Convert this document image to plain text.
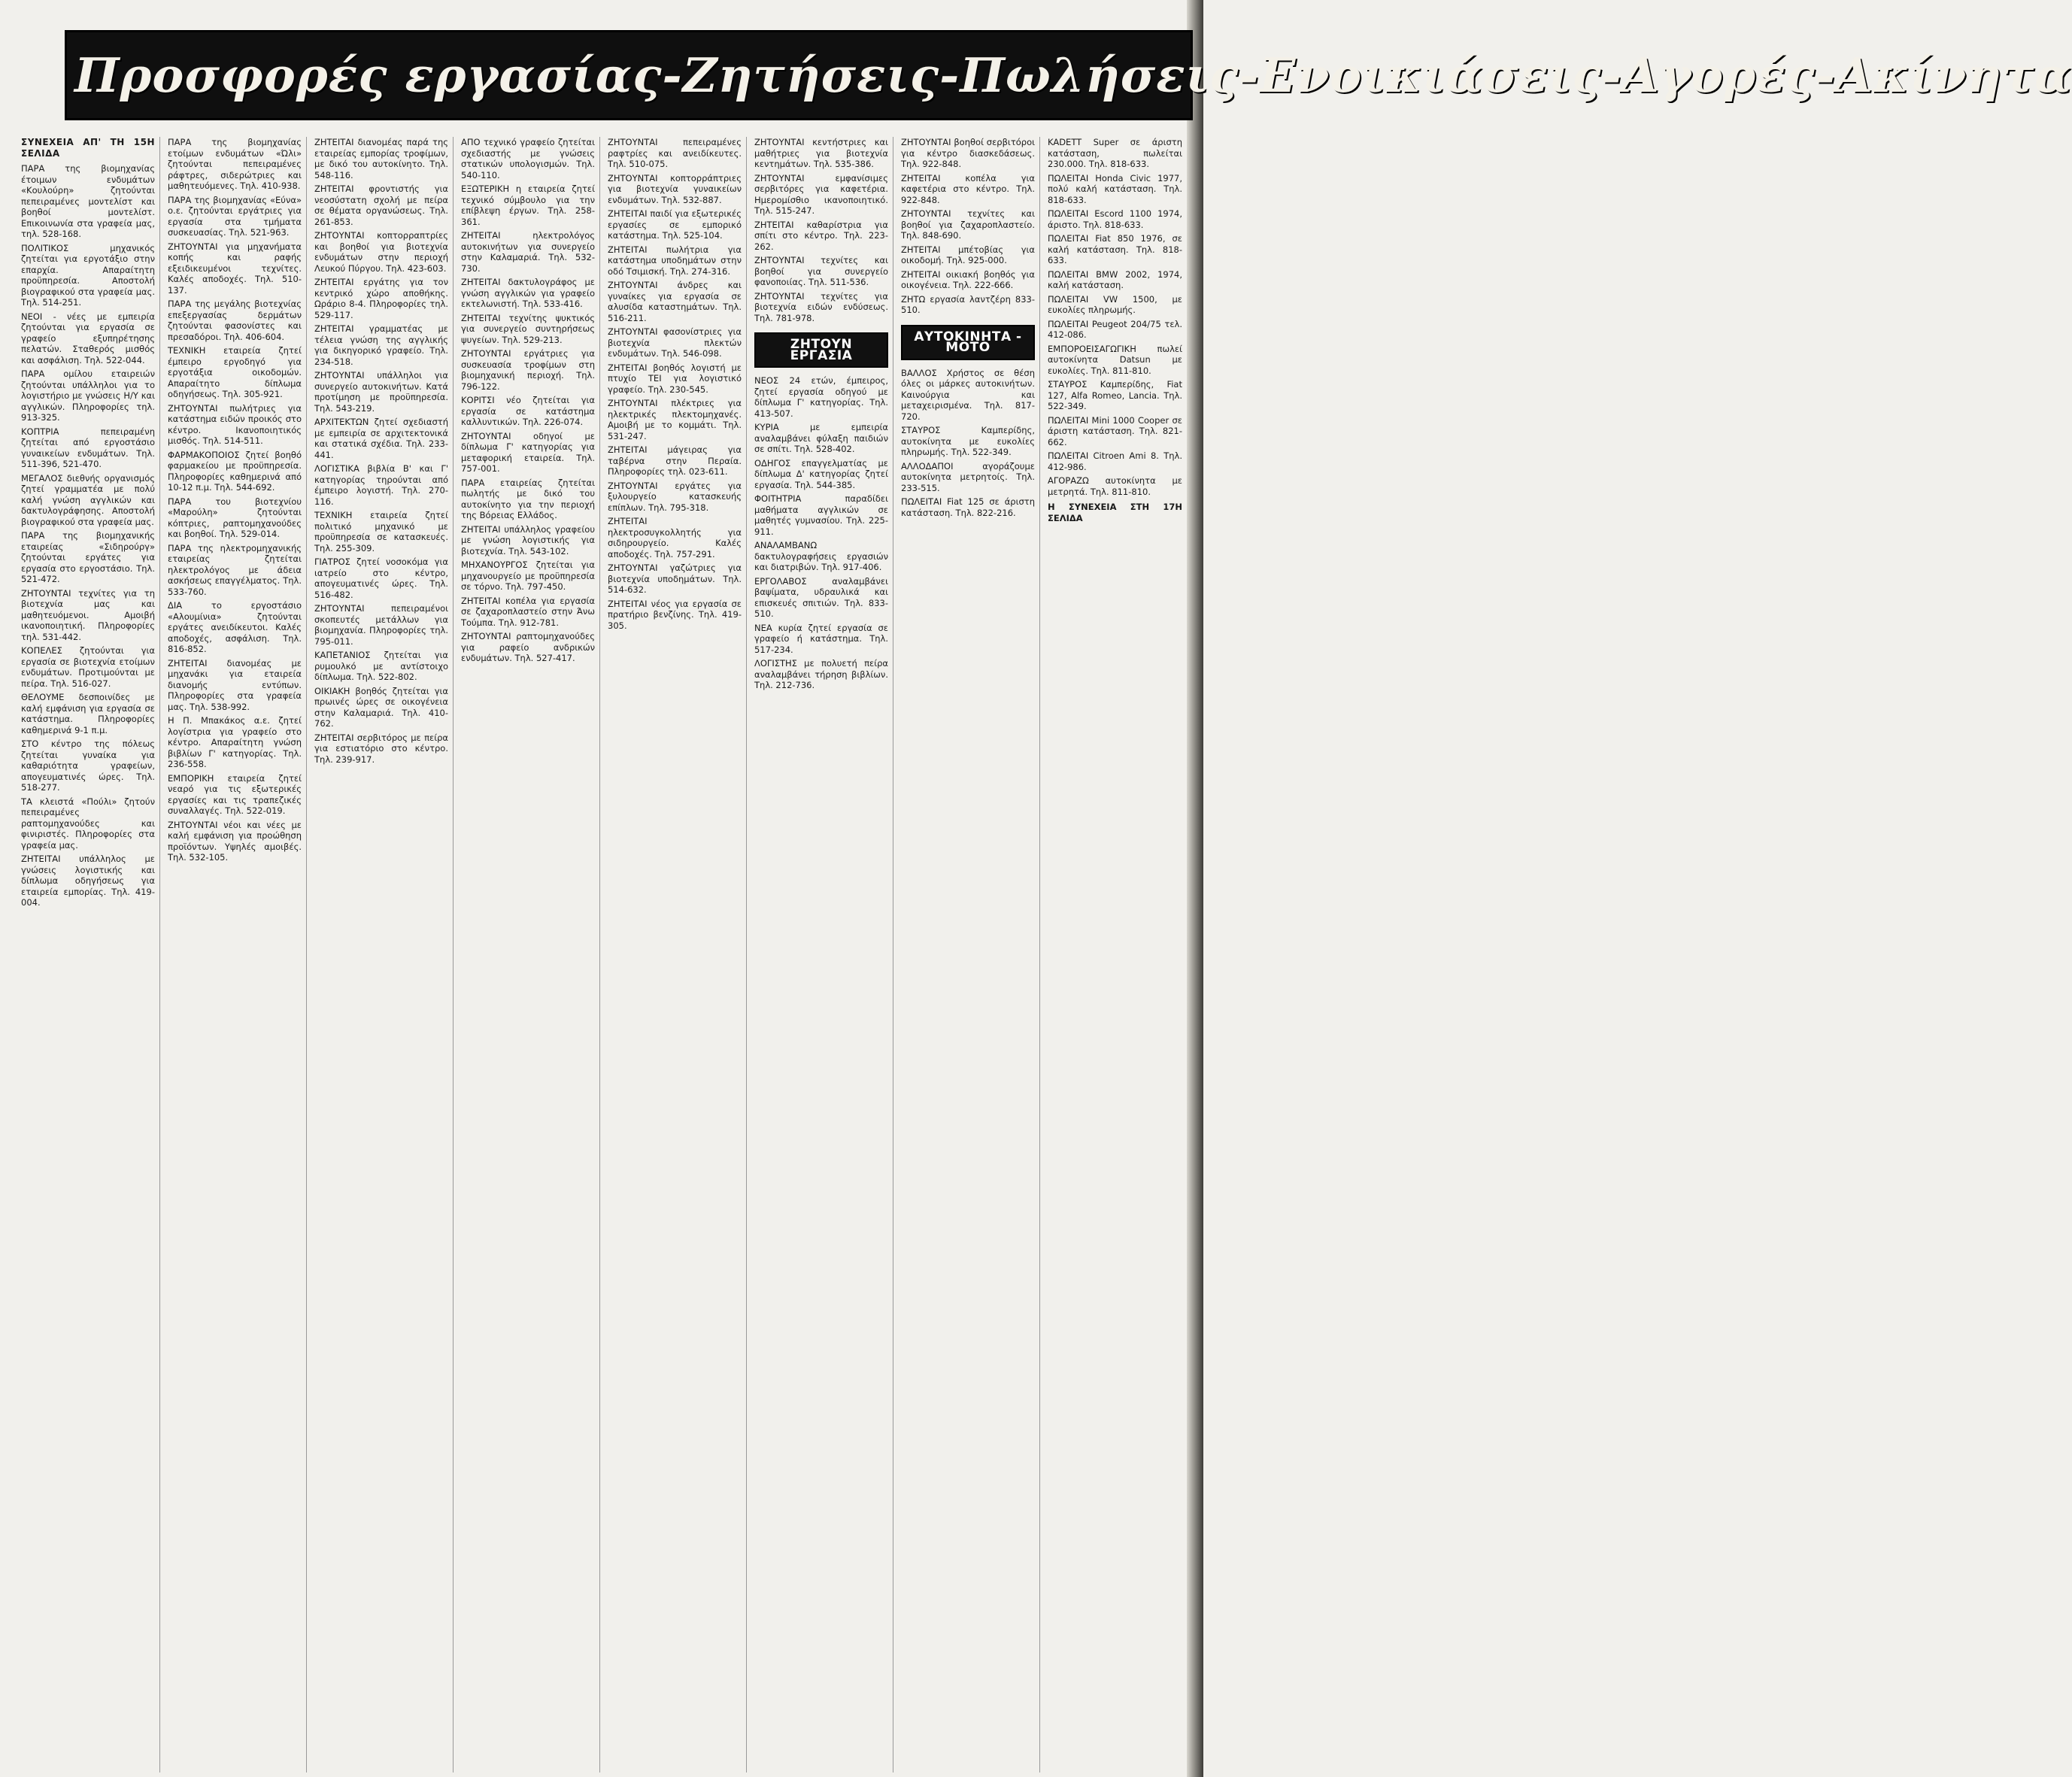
Προσφορές εργασίας-Ζητήσεις-Πωλήσεις-Ενοικιάσεις-Αγορές-Ακίνητα
ΣΥΝΕΧΕΙΑ ΑΠ' ΤΗ 15Η ΣΕΛΙΔΑ

ΠΑΡΑ της βιομηχανίας έτοιμων ενδυμάτων «Κουλούρη» ζητούνται πεπειραμένες μοντελίστ και βοηθοί μοντελίστ. Επικοινωνία στα γραφεία μας, τηλ. 528-168.

ΠΟΛΙΤΙΚΟΣ μηχανικός ζητείται για εργοτάξιο στην επαρχία. Απαραίτητη προϋπηρεσία. Αποστολή βιογραφικού στα γραφεία μας. Τηλ. 514-251.

ΝΕΟΙ - νέες με εμπειρία ζητούνται για εργασία σε γραφείο εξυπηρέτησης πελατών. Σταθερός μισθός και ασφάλιση. Τηλ. 522-044.

ΠΑΡΑ ομίλου εταιρειών ζητούνται υπάλληλοι για το λογιστήριο με γνώσεις Η/Υ και αγγλικών. Πληροφορίες τηλ. 913-325.

ΚΟΠΤΡΙΑ πεπειραμένη ζητείται από εργοστάσιο γυναικείων ενδυμάτων. Τηλ. 511-396, 521-470.

ΜΕΓΑΛΟΣ διεθνής οργανισμός ζητεί γραμματέα με πολύ καλή γνώση αγγλικών και δακτυλογράφησης. Αποστολή βιογραφικού στα γραφεία μας.

ΠΑΡΑ της βιομηχανικής εταιρείας «Σιδηρούργ» ζητούνται εργάτες για εργασία στο εργοστάσιο. Τηλ. 521-472.

ΖΗΤΟΥΝΤΑΙ τεχνίτες για τη βιοτεχνία μας και μαθητευόμενοι. Αμοιβή ικανοποιητική. Πληροφορίες τηλ. 531-442.

ΚΟΠΕΛΕΣ ζητούνται για εργασία σε βιοτεχνία ετοίμων ενδυμάτων. Προτιμούνται με πείρα. Τηλ. 516-027.

ΘΕΛΟΥΜΕ δεσποινίδες με καλή εμφάνιση για εργασία σε κατάστημα. Πληροφορίες καθημερινά 9-1 π.μ.

ΣΤΟ κέντρο της πόλεως ζητείται γυναίκα για καθαριότητα γραφείων, απογευματινές ώρες. Τηλ. 518-277.

ΤΑ κλειστά «Πούλι» ζητούν πεπειραμένες ραπτομηχανούδες και φινιριστές. Πληροφορίες στα γραφεία μας.

ΖΗΤΕΙΤΑΙ υπάλληλος με γνώσεις λογιστικής και δίπλωμα οδηγήσεως για εταιρεία εμπορίας. Τηλ. 419-004.

ΠΑΡΑ της βιομηχανίας ετοίμων ενδυμάτων «Ώλι» ζητούνται πεπειραμένες ράφτρες, σιδερώτριες και μαθητευόμενες. Τηλ. 410-938.

ΠΑΡΑ της βιομηχανίας «Εύνα» ο.ε. ζητούνται εργάτριες για εργασία στα τμήματα συσκευασίας. Τηλ. 521-963.

ΖΗΤΟΥΝΤΑΙ για μηχανήματα κοπής και ραφής εξειδικευμένοι τεχνίτες. Καλές αποδοχές. Τηλ. 510-137.

ΠΑΡΑ της μεγάλης βιοτεχνίας επεξεργασίας δερμάτων ζητούνται φασονίστες και πρεσαδόροι. Τηλ. 406-604.

ΤΕΧΝΙΚΗ εταιρεία ζητεί έμπειρο εργοδηγό για εργοτάξια οικοδομών. Απαραίτητο δίπλωμα οδηγήσεως. Τηλ. 305-921.

ΖΗΤΟΥΝΤΑΙ πωλήτριες για κατάστημα ειδών προικός στο κέντρο. Ικανοποιητικός μισθός. Τηλ. 514-511.

ΦΑΡΜΑΚΟΠΟΙΟΣ ζητεί βοηθό φαρμακείου με προϋπηρεσία. Πληροφορίες καθημερινά από 10-12 π.μ. Τηλ. 544-692.

ΠΑΡΑ του βιοτεχνίου «Μαρούλη» ζητούνται κόπτριες, ραπτομηχανούδες και βοηθοί. Τηλ. 529-014.

ΠΑΡΑ της ηλεκτρομηχανικής εταιρείας ζητείται ηλεκτρολόγος με άδεια ασκήσεως επαγγέλματος. Τηλ. 533-760.

ΔΙΑ το εργοστάσιο «Αλουμίνια» ζητούνται εργάτες ανειδίκευτοι. Καλές αποδοχές, ασφάλιση. Τηλ. 816-852.

ΖΗΤΕΙΤΑΙ διανομέας με μηχανάκι για εταιρεία διανομής εντύπων. Πληροφορίες στα γραφεία μας. Τηλ. 538-992.

Η Π. Μπακάκος α.ε. ζητεί λογίστρια για γραφείο στο κέντρο. Απαραίτητη γνώση βιβλίων Γ' κατηγορίας. Τηλ. 236-558.

ΕΜΠΟΡΙΚΗ εταιρεία ζητεί νεαρό για τις εξωτερικές εργασίες και τις τραπεζικές συναλλαγές. Τηλ. 522-019.

ΖΗΤΟΥΝΤΑΙ νέοι και νέες με καλή εμφάνιση για προώθηση προϊόντων. Υψηλές αμοιβές. Τηλ. 532-105.

ΖΗΤΕΙΤΑΙ διανομέας παρά της εταιρείας εμπορίας τροφίμων, με δικό του αυτοκίνητο. Τηλ. 548-116.

ΖΗΤΕΙΤΑΙ φροντιστής για νεοσύστατη σχολή με πείρα σε θέματα οργανώσεως. Τηλ. 261-853.

ΖΗΤΟΥΝΤΑΙ κοπτορραπτρίες και βοηθοί για βιοτεχνία ενδυμάτων στην περιοχή Λευκού Πύργου. Τηλ. 423-603.

ΖΗΤΕΙΤΑΙ εργάτης για τον κεντρικό χώρο αποθήκης. Ωράριο 8-4. Πληροφορίες τηλ. 529-117.

ΖΗΤΕΙΤΑΙ γραμματέας με τέλεια γνώση της αγγλικής για δικηγορικό γραφείο. Τηλ. 234-518.

ΖΗΤΟΥΝΤΑΙ υπάλληλοι για συνεργείο αυτοκινήτων. Κατά προτίμηση με προϋπηρεσία. Τηλ. 543-219.

ΑΡΧΙΤΕΚΤΩΝ ζητεί σχεδιαστή με εμπειρία σε αρχιτεκτονικά και στατικά σχέδια. Τηλ. 233-441.

ΛΟΓΙΣΤΙΚΑ βιβλία Β' και Γ' κατηγορίας τηρούνται από έμπειρο λογιστή. Τηλ. 270-116.

ΤΕΧΝΙΚΗ εταιρεία ζητεί πολιτικό μηχανικό με προϋπηρεσία σε κατασκευές. Τηλ. 255-309.

ΓΙΑΤΡΟΣ ζητεί νοσοκόμα για ιατρείο στο κέντρο, απογευματινές ώρες. Τηλ. 516-482.

ΖΗΤΟΥΝΤΑΙ πεπειραμένοι σκοπευτές μετάλλων για βιομηχανία. Πληροφορίες τηλ. 795-011.

ΚΑΠΕΤΑΝΙΟΣ ζητείται για ρυμουλκό με αντίστοιχο δίπλωμα. Τηλ. 522-802.

ΟΙΚΙΑΚΗ βοηθός ζητείται για πρωινές ώρες σε οικογένεια στην Καλαμαριά. Τηλ. 410-762.

ΖΗΤΕΙΤΑΙ σερβιτόρος με πείρα για εστιατόριο στο κέντρο. Τηλ. 239-917.

ΑΠΟ τεχνικό γραφείο ζητείται σχεδιαστής με γνώσεις στατικών υπολογισμών. Τηλ. 540-110.

ΕΞΩΤΕΡΙΚΗ η εταιρεία ζητεί τεχνικό σύμβουλο για την επίβλεψη έργων. Τηλ. 258-361.

ΖΗΤΕΙΤΑΙ ηλεκτρολόγος αυτοκινήτων για συνεργείο στην Καλαμαριά. Τηλ. 532-730.

ΖΗΤΕΙΤΑΙ δακτυλογράφος με γνώση αγγλικών για γραφείο εκτελωνιστή. Τηλ. 533-416.

ΖΗΤΕΙΤΑΙ τεχνίτης ψυκτικός για συνεργείο συντηρήσεως ψυγείων. Τηλ. 529-213.

ΖΗΤΟΥΝΤΑΙ εργάτριες για συσκευασία τροφίμων στη βιομηχανική περιοχή. Τηλ. 796-122.

ΚΟΡΙΤΣΙ νέο ζητείται για εργασία σε κατάστημα καλλυντικών. Τηλ. 226-074.

ΖΗΤΟΥΝΤΑΙ οδηγοί με δίπλωμα Γ' κατηγορίας για μεταφορική εταιρεία. Τηλ. 757-001.

ΠΑΡΑ εταιρείας ζητείται πωλητής με δικό του αυτοκίνητο για την περιοχή της Βόρειας Ελλάδος.

ΖΗΤΕΙΤΑΙ υπάλληλος γραφείου με γνώση λογιστικής για βιοτεχνία. Τηλ. 543-102.

ΜΗΧΑΝΟΥΡΓΟΣ ζητείται για μηχανουργείο με προϋπηρεσία σε τόρνο. Τηλ. 797-450.

ΖΗΤΕΙΤΑΙ κοπέλα για εργασία σε ζαχαροπλαστείο στην Άνω Τούμπα. Τηλ. 912-781.

ΖΗΤΟΥΝΤΑΙ ραπτομηχανούδες για ραφείο ανδρικών ενδυμάτων. Τηλ. 527-417.

ΖΗΤΟΥΝΤΑΙ πεπειραμένες ραφτρίες και ανειδίκευτες. Τηλ. 510-075.

ΖΗΤΟΥΝΤΑΙ κοπτορράπτριες για βιοτεχνία γυναικείων ενδυμάτων. Τηλ. 532-887.

ΖΗΤΕΙΤΑΙ παιδί για εξωτερικές εργασίες σε εμπορικό κατάστημα. Τηλ. 525-104.

ΖΗΤΕΙΤΑΙ πωλήτρια για κατάστημα υποδημάτων στην οδό Τσιμισκή. Τηλ. 274-316.

ΖΗΤΟΥΝΤΑΙ άνδρες και γυναίκες για εργασία σε αλυσίδα καταστημάτων. Τηλ. 516-211.

ΖΗΤΟΥΝΤΑΙ φασονίστριες για βιοτεχνία πλεκτών ενδυμάτων. Τηλ. 546-098.

ΖΗΤΕΙΤΑΙ βοηθός λογιστή με πτυχίο ΤΕΙ για λογιστικό γραφείο. Τηλ. 230-545.

ΖΗΤΟΥΝΤΑΙ πλέκτριες για ηλεκτρικές πλεκτομηχανές. Αμοιβή με το κομμάτι. Τηλ. 531-247.

ΖΗΤΕΙΤΑΙ μάγειρας για ταβέρνα στην Περαία. Πληροφορίες τηλ. 023-611.

ΖΗΤΟΥΝΤΑΙ εργάτες για ξυλουργείο κατασκευής επίπλων. Τηλ. 795-318.

ΖΗΤΕΙΤΑΙ ηλεκτροσυγκολλητής για σιδηρουργείο. Καλές αποδοχές. Τηλ. 757-291.

ΖΗΤΟΥΝΤΑΙ γαζώτριες για βιοτεχνία υποδημάτων. Τηλ. 514-632.

ΖΗΤΕΙΤΑΙ νέος για εργασία σε πρατήριο βενζίνης. Τηλ. 419-305.

ΖΗΤΟΥΝΤΑΙ κεντήστριες και μαθήτριες για βιοτεχνία κεντημάτων. Τηλ. 535-386.

ΖΗΤΟΥΝΤΑΙ εμφανίσιμες σερβιτόρες για καφετέρια. Ημερομίσθιο ικανοποιητικό. Τηλ. 515-247.

ΖΗΤΕΙΤΑΙ καθαρίστρια για σπίτι στο κέντρο. Τηλ. 223-262.

ΖΗΤΟΥΝΤΑΙ τεχνίτες και βοηθοί για συνεργείο φανοποιίας. Τηλ. 511-536.

ΖΗΤΟΥΝΤΑΙ τεχνίτες για βιοτεχνία ειδών ενδύσεως. Τηλ. 781-978.

ΖΗΤΟΥΝ ΕΡΓΑΣΙΑ

ΝΕΟΣ 24 ετών, έμπειρος, ζητεί εργασία οδηγού με δίπλωμα Γ' κατηγορίας. Τηλ. 413-507.

ΚΥΡΙΑ με εμπειρία αναλαμβάνει φύλαξη παιδιών σε σπίτι. Τηλ. 528-402.

ΟΔΗΓΟΣ επαγγελματίας με δίπλωμα Δ' κατηγορίας ζητεί εργασία. Τηλ. 544-385.

ΦΟΙΤΗΤΡΙΑ παραδίδει μαθήματα αγγλικών σε μαθητές γυμνασίου. Τηλ. 225-911.

ΑΝΑΛΑΜΒΑΝΩ δακτυλογραφήσεις εργασιών και διατριβών. Τηλ. 917-406.

ΕΡΓΟΛΑΒΟΣ αναλαμβάνει βαψίματα, υδραυλικά και επισκευές σπιτιών. Τηλ. 833-510.

ΝΕΑ κυρία ζητεί εργασία σε γραφείο ή κατάστημα. Τηλ. 517-234.

ΛΟΓΙΣΤΗΣ με πολυετή πείρα αναλαμβάνει τήρηση βιβλίων. Τηλ. 212-736.

ΖΗΤΟΥΝΤΑΙ βοηθοί σερβιτόροι για κέντρο διασκεδάσεως. Τηλ. 922-848.

ΖΗΤΕΙΤΑΙ κοπέλα για καφετέρια στο κέντρο. Τηλ. 922-848.

ΖΗΤΟΥΝΤΑΙ τεχνίτες και βοηθοί για ζαχαροπλαστείο. Τηλ. 848-690.

ΖΗΤΕΙΤΑΙ μπέτοβίας για οικοδομή. Τηλ. 925-000.

ΖΗΤΕΙΤΑΙ οικιακή βοηθός για οικογένεια. Τηλ. 222-666.

ΖΗΤΩ εργασία λαντζέρη 833-510.

ΑΥΤΟΚΙΝΗΤΑ - ΜΟΤΟ

ΒΑΛΛΟΣ Χρήστος σε θέση όλες οι μάρκες αυτοκινήτων. Καινούργια και μεταχειρισμένα. Τηλ. 817-720.

ΣΤΑΥΡΟΣ Καμπερίδης, αυτοκίνητα με ευκολίες πληρωμής. Τηλ. 522-349.

ΑΛΛΟΔΑΠΟΙ αγοράζουμε αυτοκίνητα μετρητοίς. Τηλ. 233-515.

ΠΩΛΕΙΤΑΙ Fiat 125 σε άριστη κατάσταση. Τηλ. 822-216.

KADETT Super σε άριστη κατάσταση, πωλείται 230.000. Τηλ. 818-633.

ΠΩΛΕΙΤΑΙ Honda Civic 1977, πολύ καλή κατάσταση. Τηλ. 818-633.

ΠΩΛΕΙΤΑΙ Escord 1100 1974, άριστο. Τηλ. 818-633.

ΠΩΛΕΙΤΑΙ Fiat 850 1976, σε καλή κατάσταση. Τηλ. 818-633.

ΠΩΛΕΙΤΑΙ BMW 2002, 1974, καλή κατάσταση.

ΠΩΛΕΙΤΑΙ VW 1500, με ευκολίες πληρωμής.

ΠΩΛΕΙΤΑΙ Peugeot 204/75 τελ. 412-086.

ΕΜΠΟΡΟΕΙΣΑΓΩΓΙΚΗ πωλεί αυτοκίνητα Datsun με ευκολίες. Τηλ. 811-810.

ΣΤΑΥΡΟΣ Καμπερίδης, Fiat 127, Alfa Romeo, Lancia. Τηλ. 522-349.

ΠΩΛΕΙΤΑΙ Mini 1000 Cooper σε άριστη κατάσταση. Τηλ. 821-662.

ΠΩΛΕΙΤΑΙ Citroen Ami 8. Τηλ. 412-986.

ΑΓΟΡΑΖΩ αυτοκίνητα με μετρητά. Τηλ. 811-810.

Η ΣΥΝΕΧΕΙΑ ΣΤΗ 17Η ΣΕΛΙΔΑ
